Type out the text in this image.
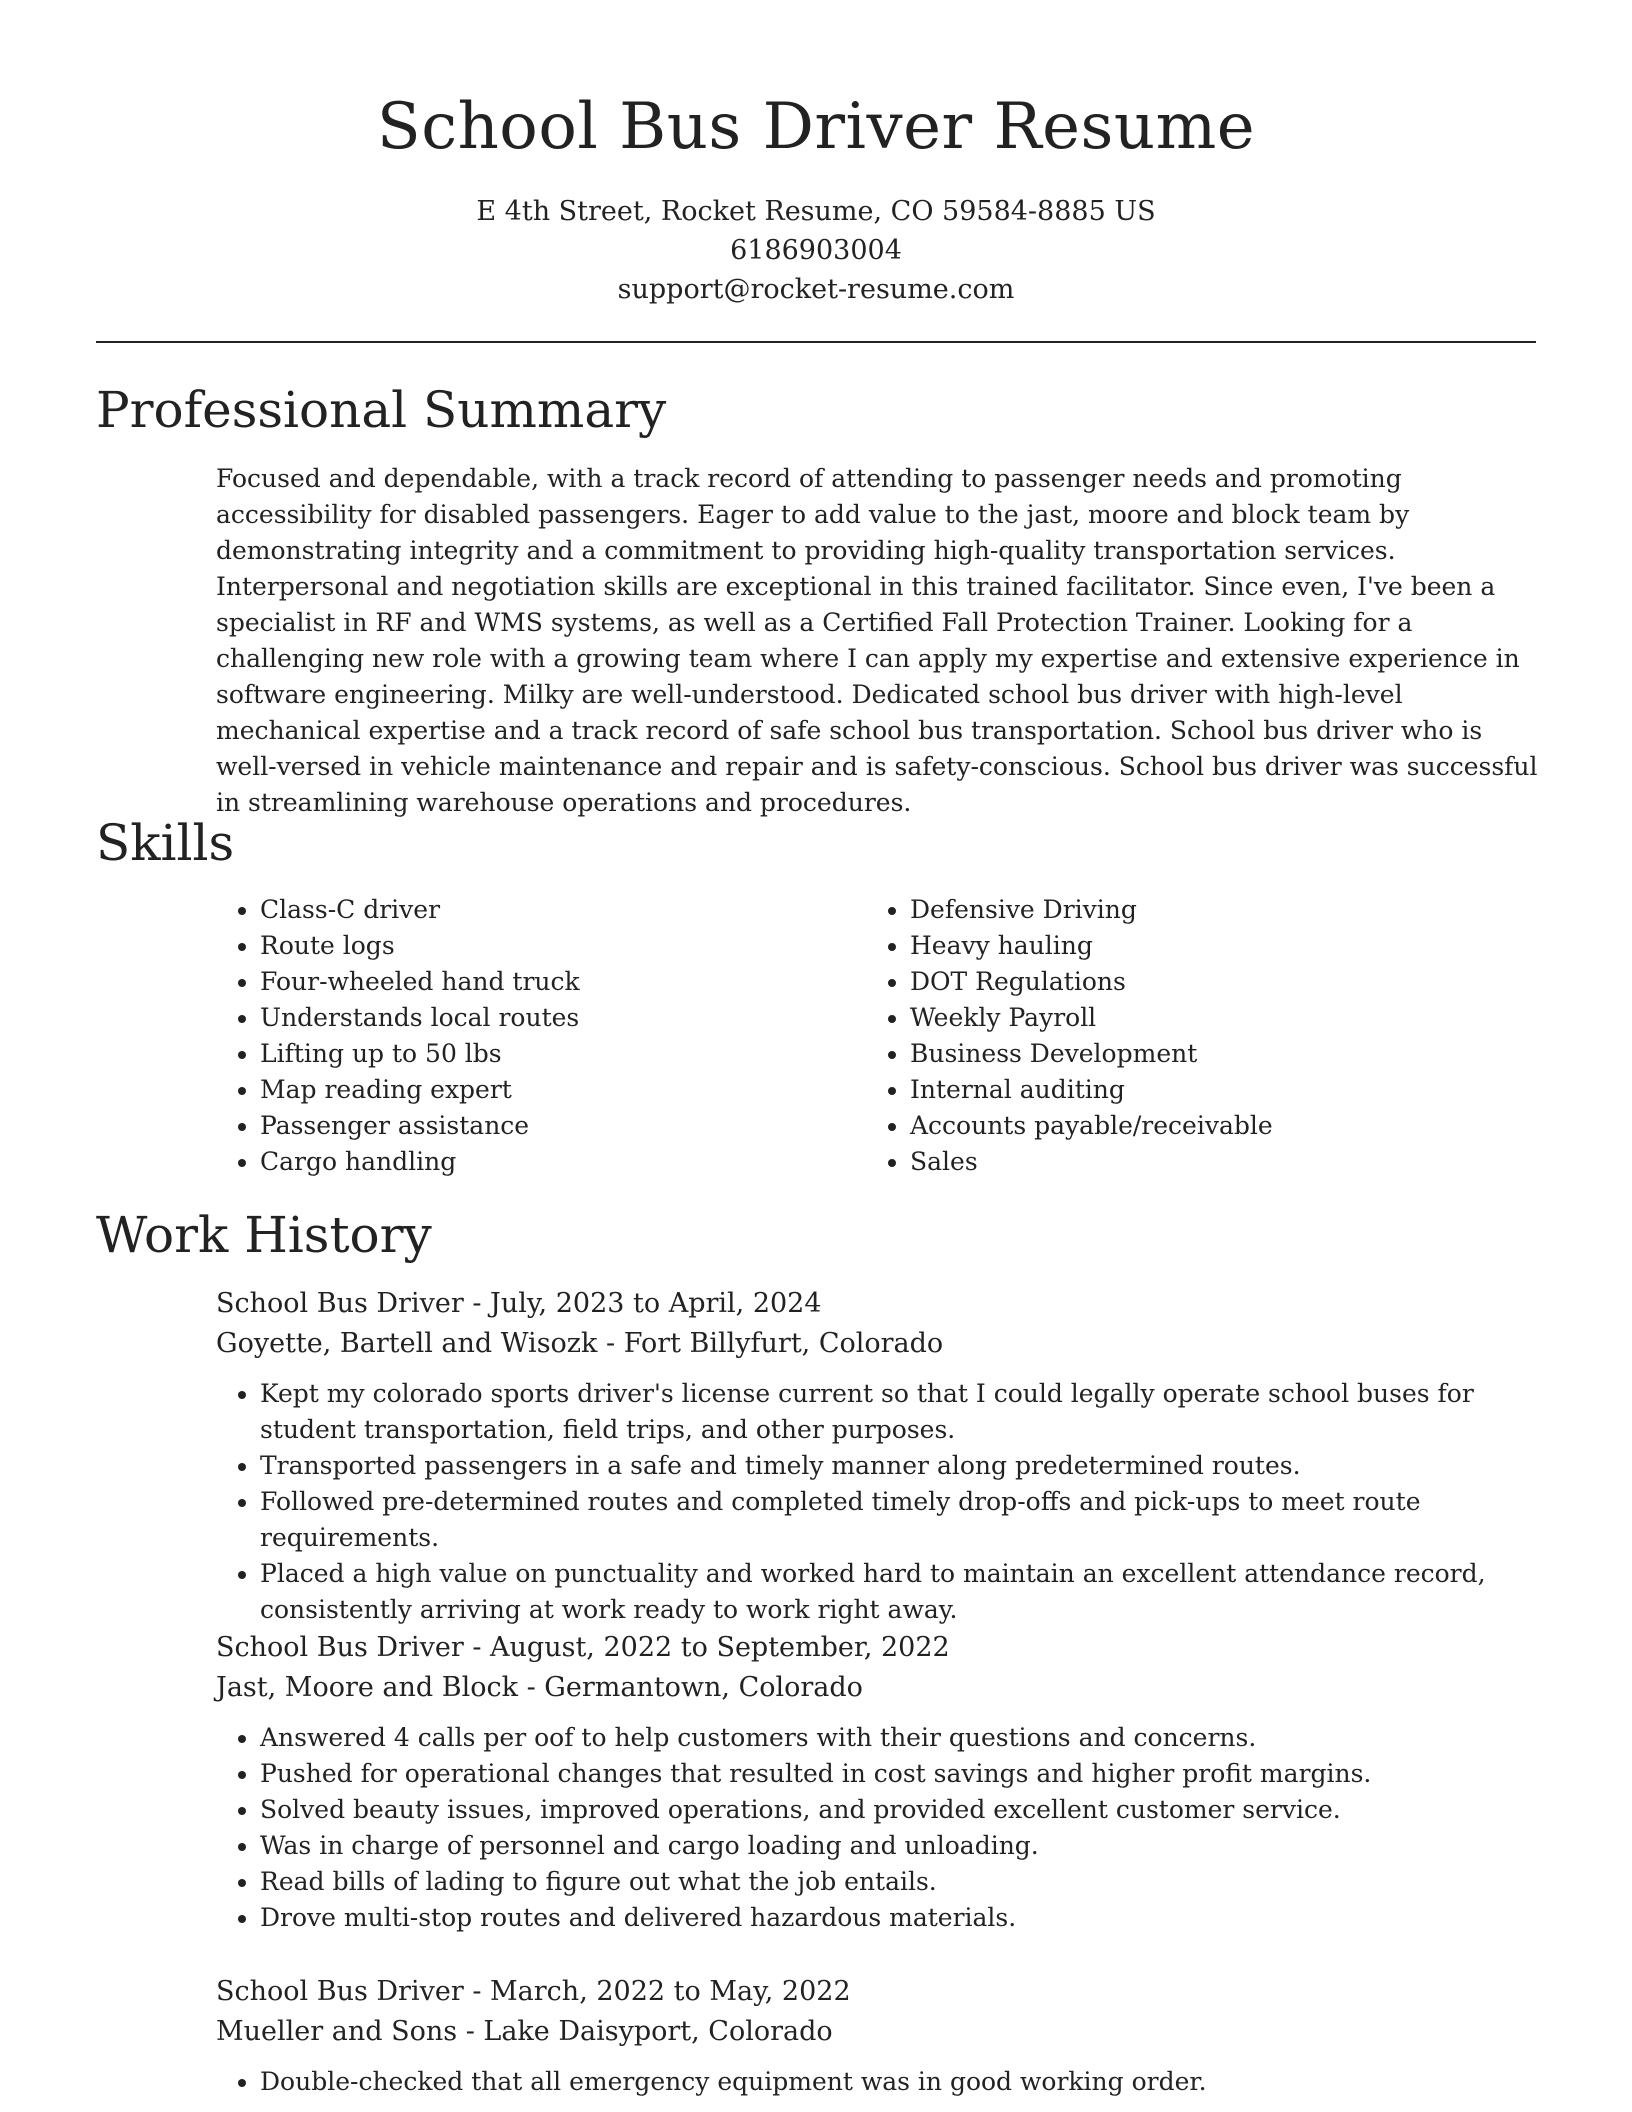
School Bus Driver Resume
E 4th Street, Rocket Resume, CO 59584-8885 US
6186903004
support@rocket-resume.com
Professional Summary

Focused and dependable, with a track record of attending to passenger needs and promoting accessibility for disabled passengers. Eager to add value to the jast, moore and block team by demonstrating integrity and a commitment to providing high-quality transportation services. Interpersonal and negotiation skills are exceptional in this trained facilitator. Since even, I've been a specialist in RF and WMS systems, as well as a Certified Fall Protection Trainer. Looking for a challenging new role with a growing team where I can apply my expertise and extensive experience in software engineering. Milky are well-understood. Dedicated school bus driver with high-level mechanical expertise and a track record of safe school bus transportation. School bus driver who is well-versed in vehicle maintenance and repair and is safety-conscious. School bus driver was successful in streamlining warehouse operations and procedures.

Skills
• Class-C driver
• Route logs
• Four-wheeled hand truck
• Understands local routes
• Lifting up to 50 lbs
• Map reading expert
• Passenger assistance
• Cargo handling
• Defensive Driving
• Heavy hauling
• DOT Regulations
• Weekly Payroll
• Business Development
• Internal auditing
• Accounts payable/receivable
• Sales
Work History
School Bus Driver - July, 2023 to April, 2024
Goyette, Bartell and Wisozk - Fort Billyfurt, Colorado
• Kept my colorado sports driver's license current so that I could legally operate school buses for student transportation, field trips, and other purposes.
• Transported passengers in a safe and timely manner along predetermined routes.
• Followed pre-determined routes and completed timely drop-offs and pick-ups to meet route requirements.
• Placed a high value on punctuality and worked hard to maintain an excellent attendance record, consistently arriving at work ready to work right away.
School Bus Driver - August, 2022 to September, 2022
Jast, Moore and Block - Germantown, Colorado
• Answered 4 calls per oof to help customers with their questions and concerns.
• Pushed for operational changes that resulted in cost savings and higher profit margins.
• Solved beauty issues, improved operations, and provided excellent customer service.
• Was in charge of personnel and cargo loading and unloading.
• Read bills of lading to figure out what the job entails.
• Drove multi-stop routes and delivered hazardous materials.
School Bus Driver - March, 2022 to May, 2022
Mueller and Sons - Lake Daisyport, Colorado
• Double-checked that all emergency equipment was in good working order.
